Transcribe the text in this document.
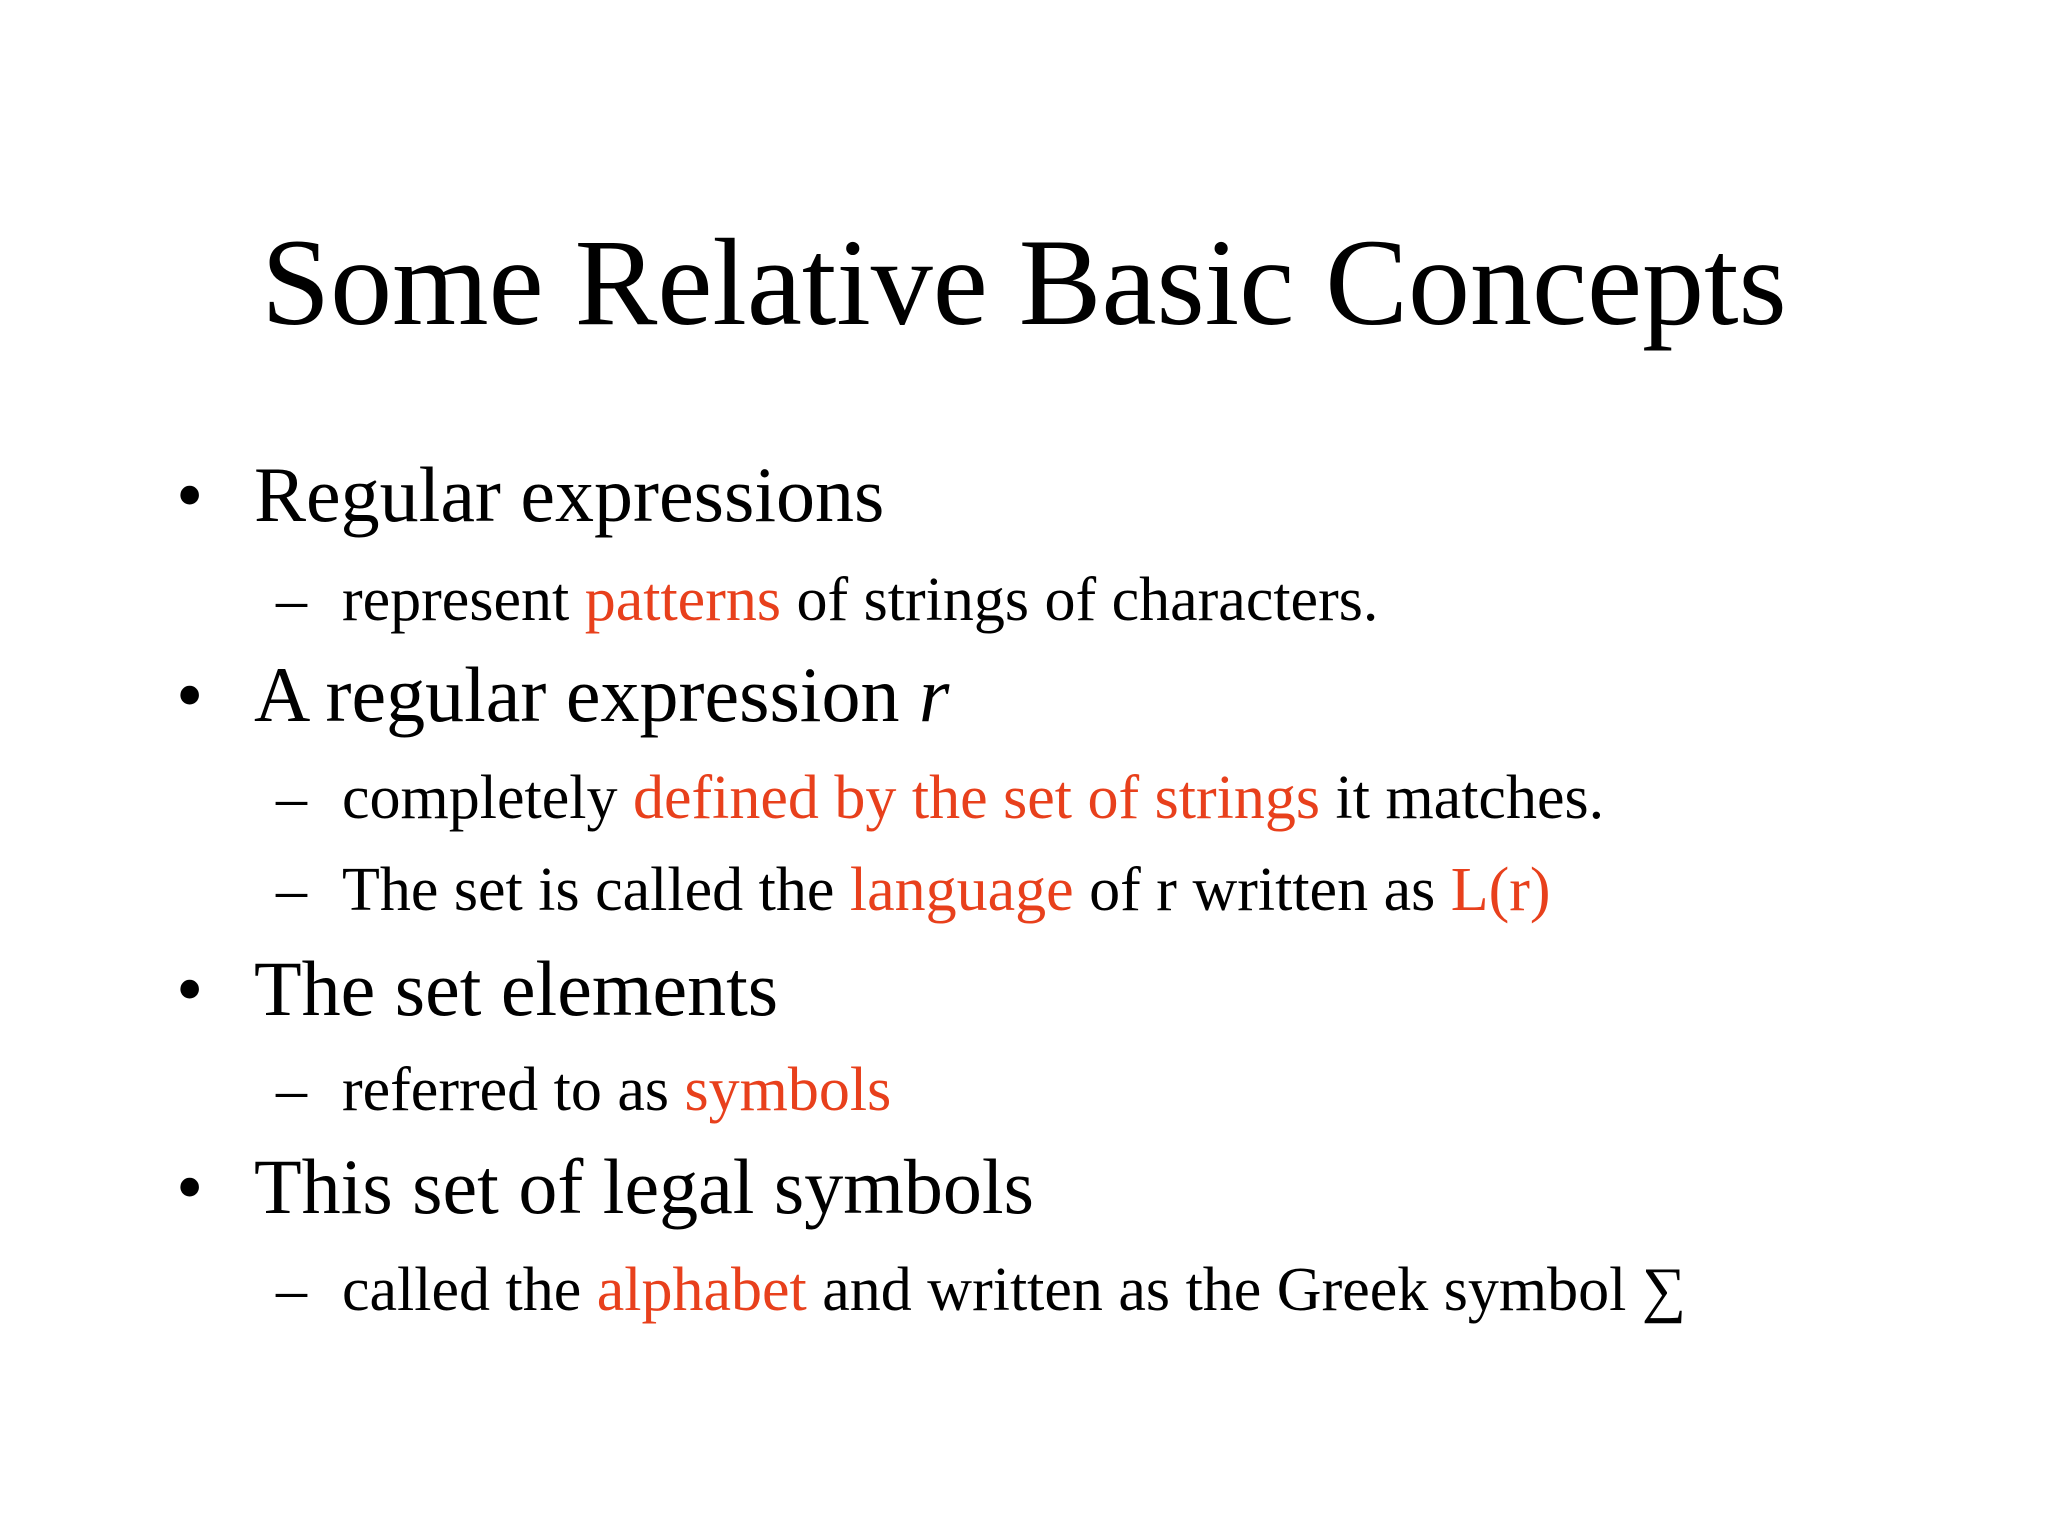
Some Relative Basic Concepts
• Regular expressions
– represent patterns of strings of characters.
• A regular expression r
– completely defined by the set of strings it matches.
– The set is called the language of r written as L(r)
• The set elements
– referred to as symbols
• This set of legal symbols
– called the alphabet and written as the Greek symbol ∑
